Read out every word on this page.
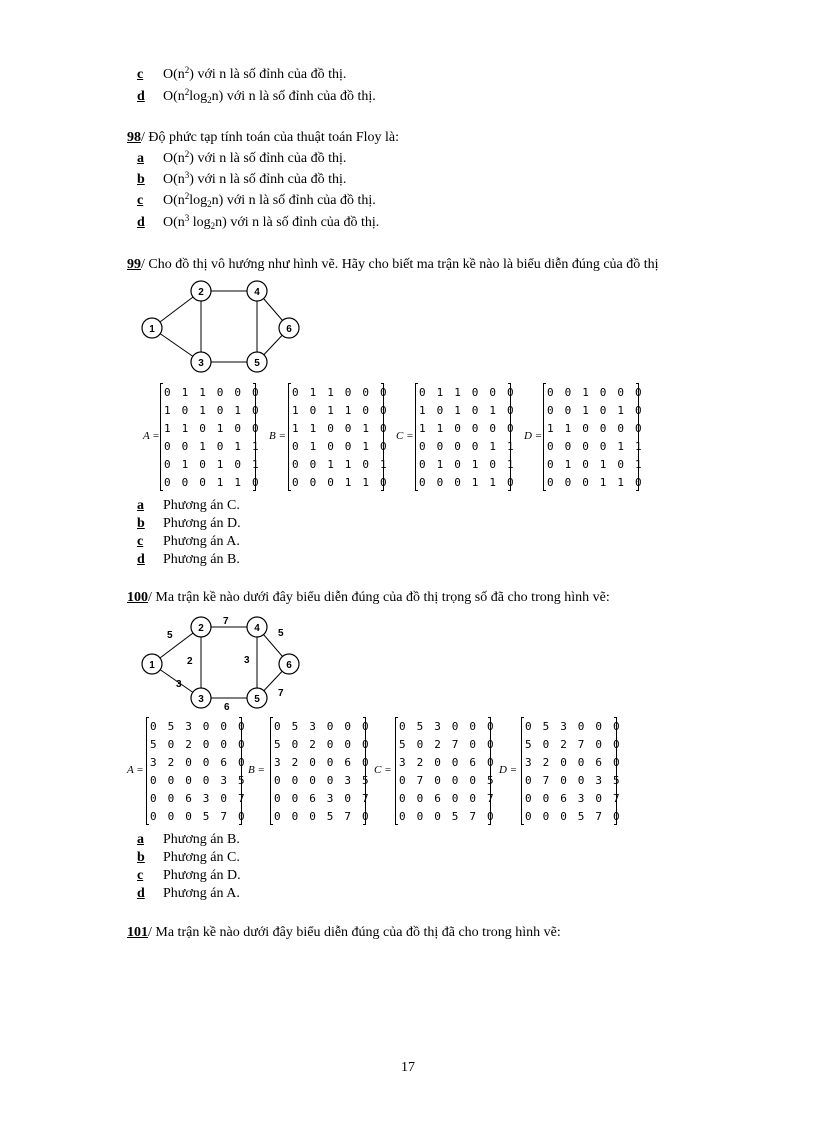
c $O(n^2)$ với n là số đỉnh của đồ thị.
d $O(n^2\log_2n)$ với n là số đỉnh của đồ thị.
98/ Độ phức tạp tính toán của thuật toán Floy là:
a $O(n^2)$ với n là số đỉnh của đồ thị.
b $O(n^3)$ với n là số đỉnh của đồ thị.
c $O(n^2\log_2n)$ với n là số đỉnh của đồ thị.
d $O(n^3$ $\log_2n$) với n là số đỉnh của đồ thị.
99/ Cho đồ thị vô hướng như hình vẽ. Hãy cho biết ma trận kề nào là biểu diễn đúng của đồ thị
1
2
3
4
5
6
A =
0 1 1 0 0 0
1 0 1 0 1 0
1 1 0 1 0 0
0 0 1 0 1 1
0 1 0 1 0 1
0 0 0 1 1 0
B =
0 1 1 0 0 0
1 0 1 1 0 0
1 1 0 0 1 0
0 1 0 0 1 0
0 0 1 1 0 1
0 0 0 1 1 0
C =
0 1 1 0 0 0
1 0 1 0 1 0
1 1 0 0 0 0
0 0 0 0 1 1
0 1 0 1 0 1
0 0 0 1 1 0
D =
0 0 1 0 0 0
0 0 1 0 1 0
1 1 0 0 0 0
0 0 0 0 1 1
0 1 0 1 0 1
0 0 0 1 1 0
a Phương án C.
b Phương án D.
c Phương án A.
d Phương án B.
100/ Ma trận kề nào dưới đây biểu diễn đúng của đồ thị trọng số đã cho trong hình vẽ:
1
2
3
4
5
6
5
7
2
3
3
5
6
7
A =
0 5 3 0 0 0
5 0 2 0 0 0
3 2 0 0 6 0
0 0 0 0 3 5
0 0 6 3 0 7
0 0 0 5 7 0
B =
0 5 3 0 0 0
5 0 2 0 0 0
3 2 0 0 6 0
0 0 0 0 3 5
0 0 6 3 0 7
0 0 0 5 7 0
C =
0 5 3 0 0 0
5 0 2 7 0 0
3 2 0 0 6 0
0 7 0 0 0 5
0 0 6 0 0 7
0 0 0 5 7 0
D =
0 5 3 0 0 0
5 0 2 7 0 0
3 2 0 0 6 0
0 7 0 0 3 5
0 0 6 3 0 7
0 0 0 5 7 0
a Phương án B.
b Phương án C.
c Phương án D.
d Phương án A.
101/ Ma trận kề nào dưới đây biểu diễn đúng của đồ thị đã cho trong hình vẽ:
17
